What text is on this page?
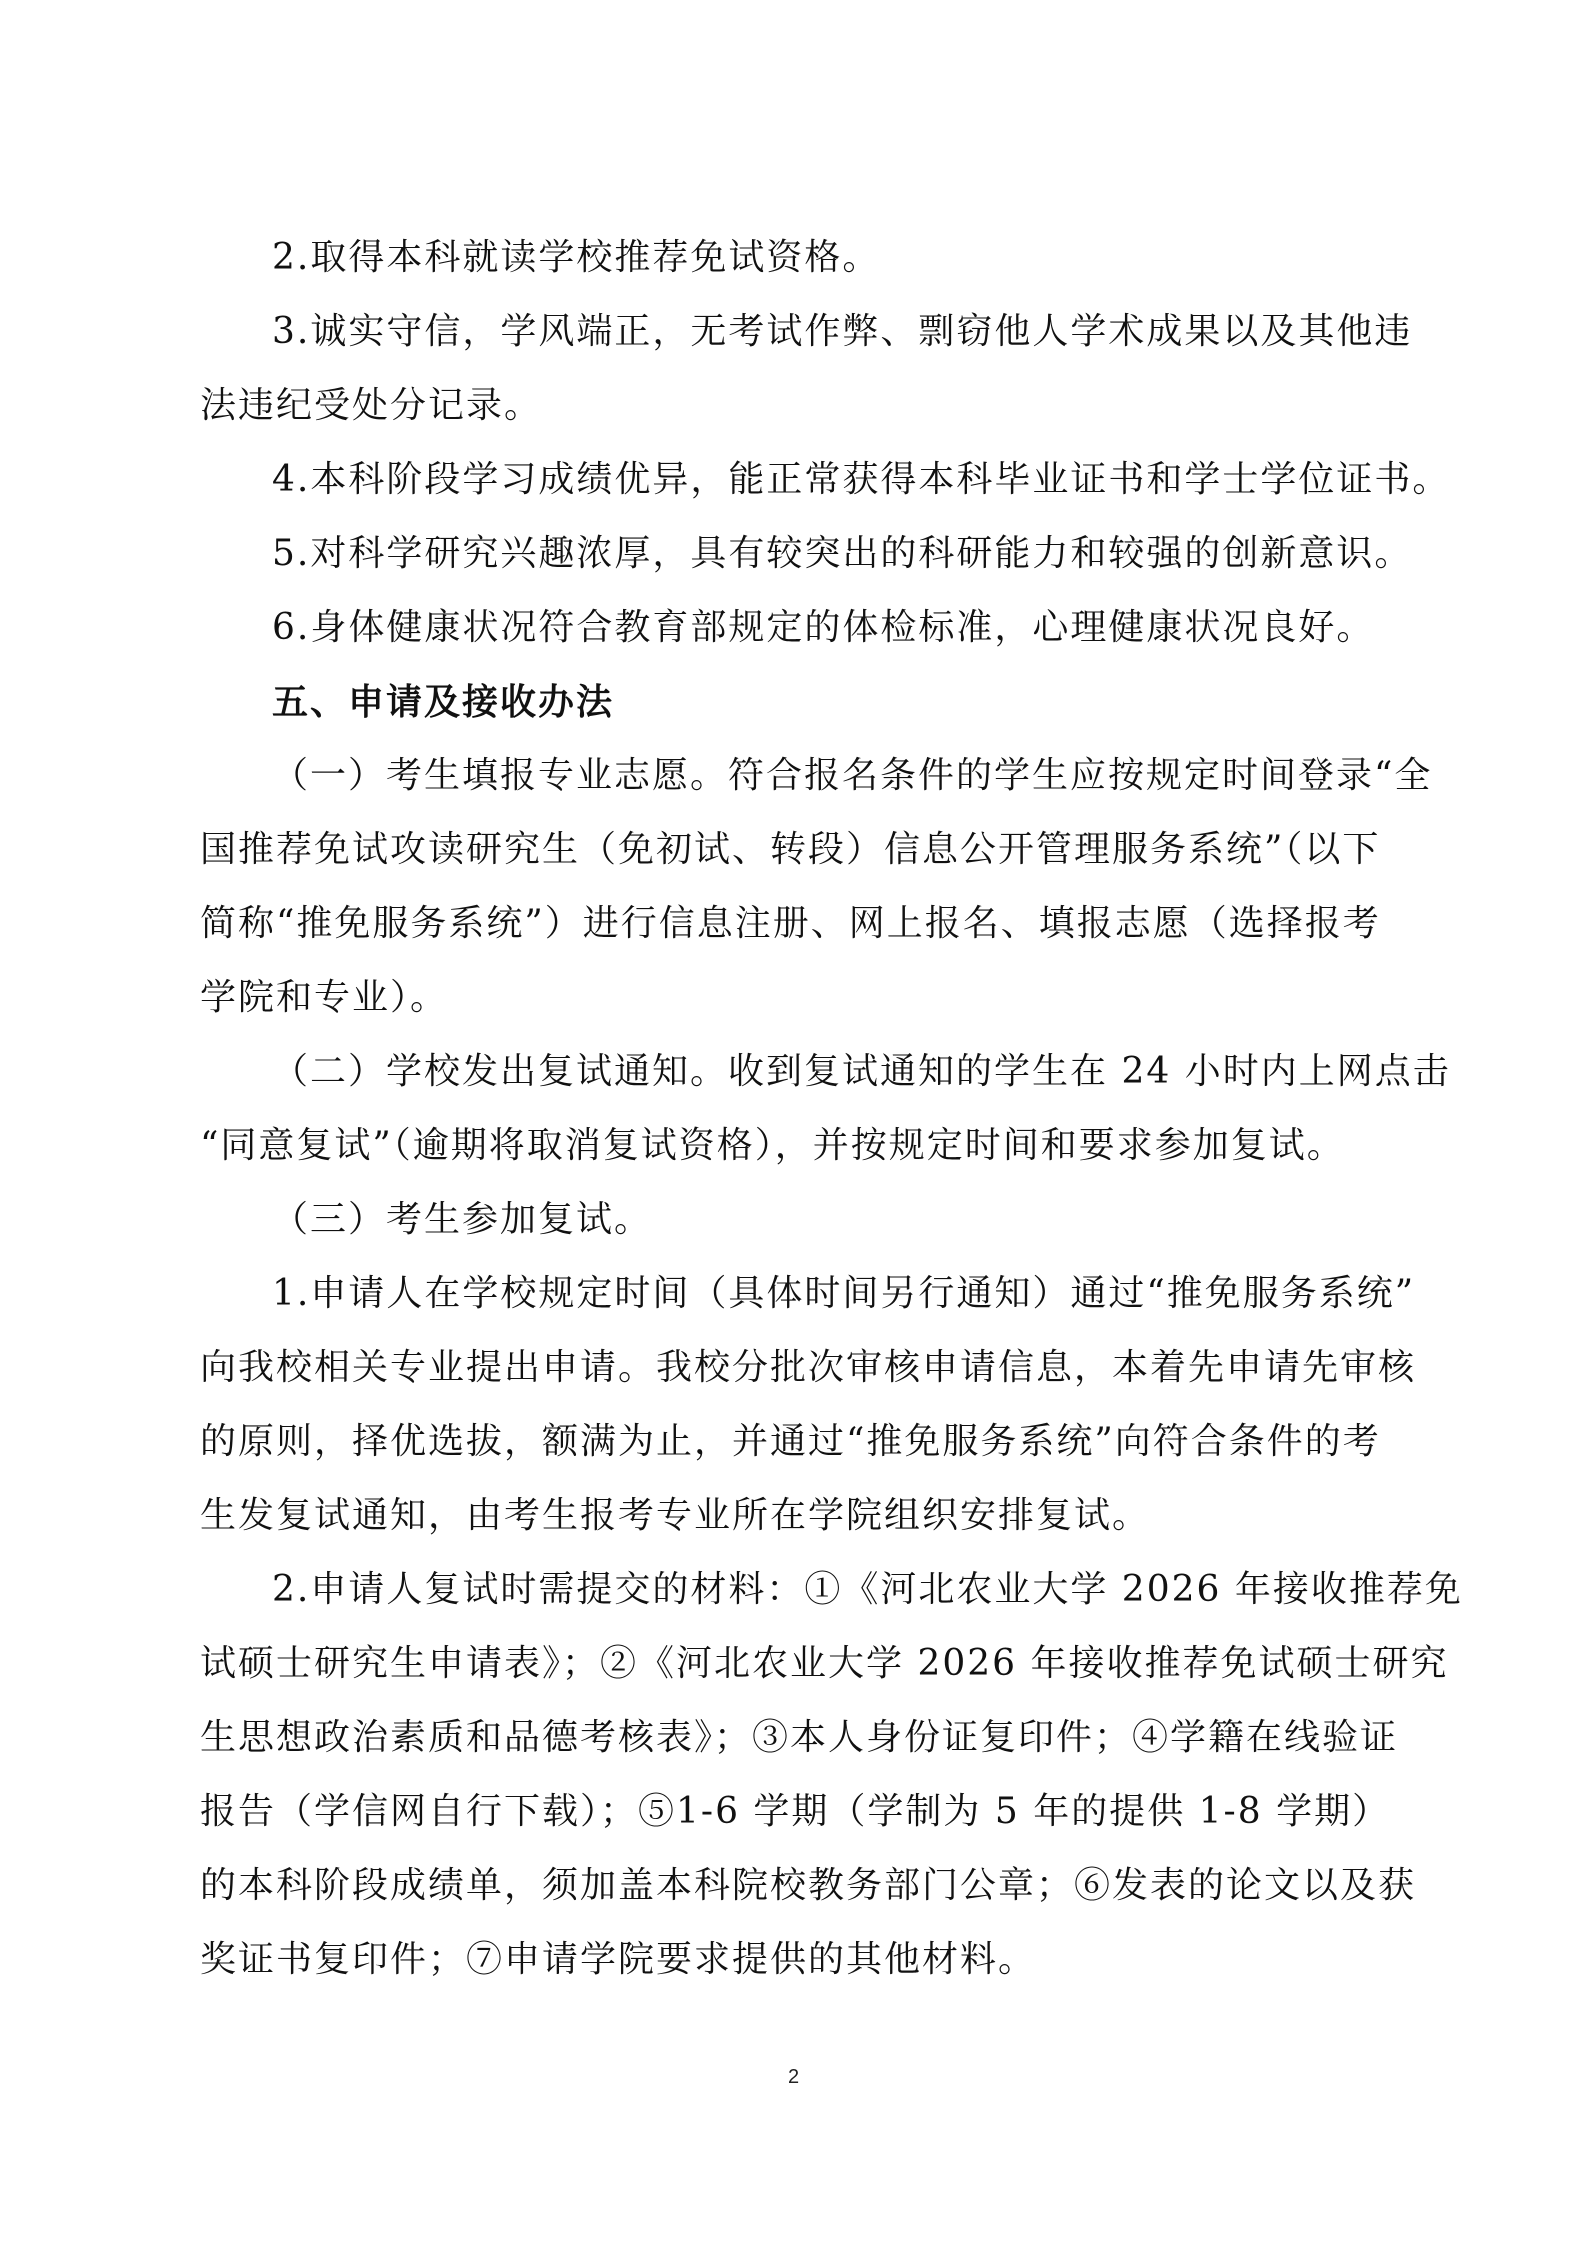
2.取得本科就读学校推荐免试资格。
3.诚实守信，学风端正，无考试作弊、剽窃他人学术成果以及其他违
法违纪受处分记录。
4.本科阶段学习成绩优异，能正常获得本科毕业证书和学士学位证书。
5.对科学研究兴趣浓厚，具有较突出的科研能力和较强的创新意识。
6.身体健康状况符合教育部规定的体检标准，心理健康状况良好。
五、申请及接收办法
（一）考生填报专业志愿。符合报名条件的学生应按规定时间登录“全
国推荐免试攻读研究生（免初试、转段）信息公开管理服务系统”（以下
简称“推免服务系统”）进行信息注册、网上报名、填报志愿（选择报考
学院和专业）。
（二）学校发出复试通知。收到复试通知的学生在 24 小时内上网点击
“同意复试”（逾期将取消复试资格），并按规定时间和要求参加复试。
（三）考生参加复试。
1.申请人在学校规定时间（具体时间另行通知）通过“推免服务系统”
向我校相关专业提出申请。我校分批次审核申请信息，本着先申请先审核
的原则，择优选拔，额满为止，并通过“推免服务系统”向符合条件的考
生发复试通知，由考生报考专业所在学院组织安排复试。
2.申请人复试时需提交的材料：①《河北农业大学 2026 年接收推荐免
试硕士研究生申请表》；②《河北农业大学 2026 年接收推荐免试硕士研究
生思想政治素质和品德考核表》；③本人身份证复印件；④学籍在线验证
报告（学信网自行下载）；⑤1-6 学期（学制为 5 年的提供 1-8 学期）
的本科阶段成绩单，须加盖本科院校教务部门公章；⑥发表的论文以及获
奖证书复印件；⑦申请学院要求提供的其他材料。
2
